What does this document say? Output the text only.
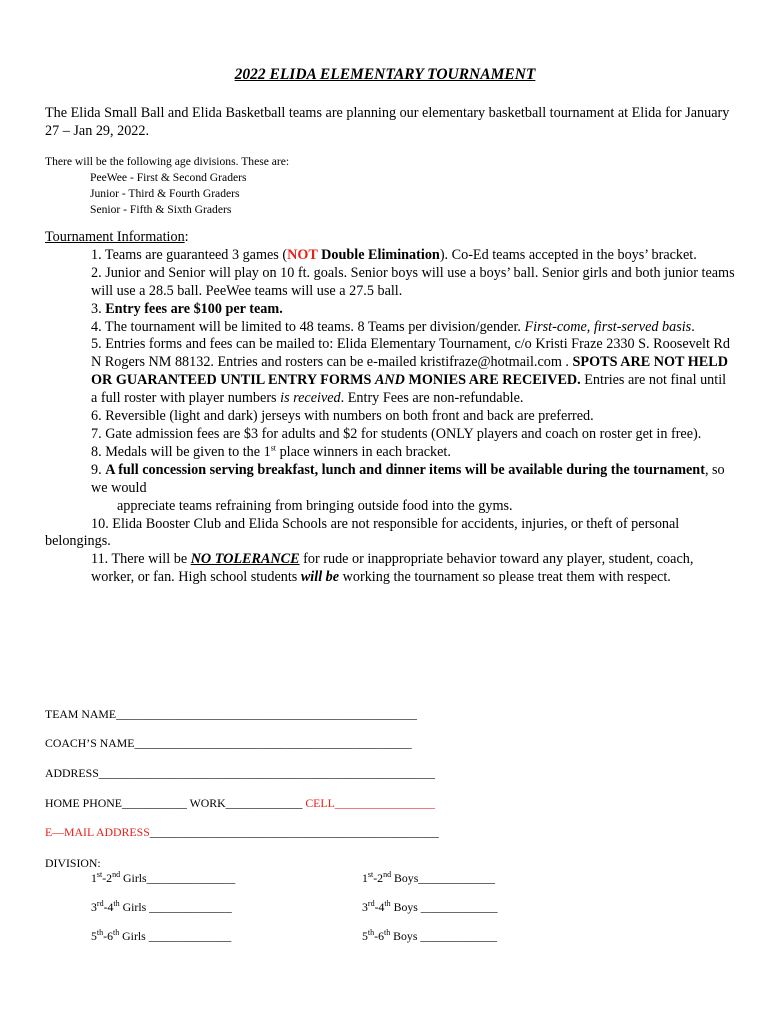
2022 ELIDA ELEMENTARY TOURNAMENT
The Elida Small Ball and Elida Basketball teams are planning our elementary basketball tournament at Elida for January 27 – Jan 29, 2022.
There will be the following age divisions. These are:
PeeWee - First & Second Graders
Junior - Third & Fourth Graders
Senior - Fifth & Sixth Graders
Tournament Information:
1. Teams are guaranteed 3 games (NOT Double Elimination). Co-Ed teams accepted in the boys’ bracket.
2. Junior and Senior will play on 10 ft. goals. Senior boys will use a boys’ ball. Senior girls and both junior teams will use a 28.5 ball. PeeWee teams will use a 27.5 ball.
3. Entry fees are $100 per team.
4. The tournament will be limited to 48 teams. 8 Teams per division/gender. First-come, first-served basis.
5. Entries forms and fees can be mailed to: Elida Elementary Tournament, c/o Kristi Fraze 2330 S. Roosevelt Rd N Rogers NM 88132. Entries and rosters can be e-mailed kristifraze@hotmail.com . SPOTS ARE NOT HELD OR GUARANTEED UNTIL ENTRY FORMS AND MONIES ARE RECEIVED. Entries are not final until a full roster with player numbers is received. Entry Fees are non-refundable.
6. Reversible (light and dark) jerseys with numbers on both front and back are preferred.
7. Gate admission fees are $3 for adults and $2 for students (ONLY players and coach on roster get in free).
8. Medals will be given to the 1st place winners in each bracket.
9. A full concession serving breakfast, lunch and dinner items will be available during the tournament, so we would
appreciate teams refraining from bringing outside food into the gyms.
10. Elida Booster Club and Elida Schools are not responsible for accidents, injuries, or theft of personal
belongings.
11. There will be NO TOLERANCE for rude or inappropriate behavior toward any player, student, coach, worker, or fan. High school students will be working the tournament so please treat them with respect.
TEAM NAME___________________________________________________
COACH’S NAME_______________________________________________
ADDRESS_________________________________________________________
HOME PHONE___________ WORK_____________ CELL_________________
E—MAIL ADDRESS_________________________________________________
DIVISION:
1st-2nd Girls_______________	1st-2nd Boys_____________
3rd-4th Girls ______________	3rd-4th Boys _____________
5th-6th Girls ______________	5th-6th Boys _____________
